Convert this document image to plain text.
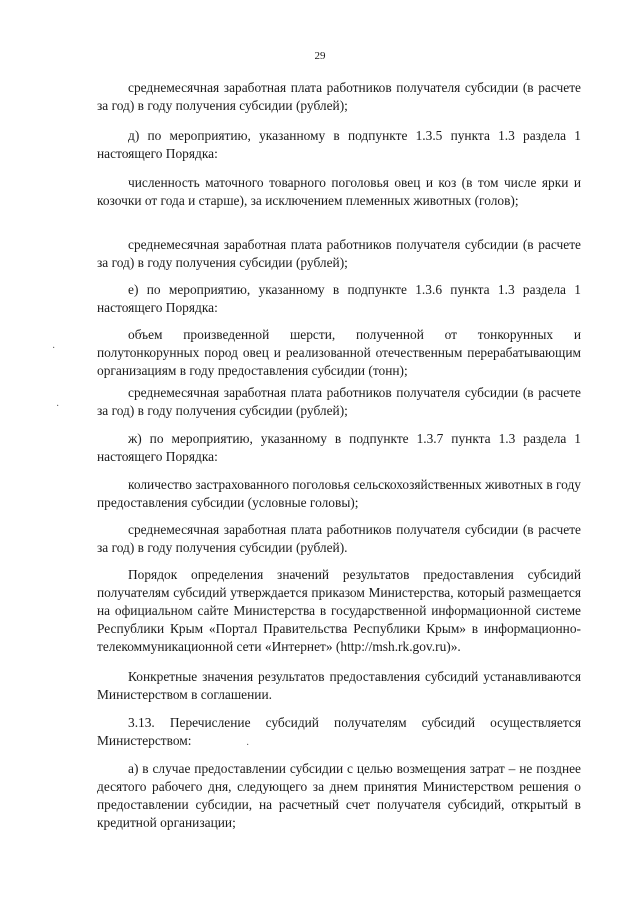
29

среднемесячная заработная плата работников получателя субсидии (в расчете за год) в году получения субсидии (рублей);

д) по мероприятию, указанному в подпункте 1.3.5 пункта 1.3 раздела 1 настоящего Порядка:

численность маточного товарного поголовья овец и коз (в том числе ярки и козочки от года и старше), за исключением племенных животных (голов);

среднемесячная заработная плата работников получателя субсидии (в расчете за год) в году получения субсидии (рублей);

е) по мероприятию, указанному в подпункте 1.3.6 пункта 1.3 раздела 1 настоящего Порядка:

объем произведенной шерсти, полученной от тонкорунных и полутонкорунных пород овец и реализованной отечественным перерабатывающим организациям в году предоставления субсидии (тонн);

среднемесячная заработная плата работников получателя субсидии (в расчете за год) в году получения субсидии (рублей);

ж) по мероприятию, указанному в подпункте 1.3.7 пункта 1.3 раздела 1 настоящего Порядка:

количество застрахованного поголовья сельскохозяйственных животных в году предоставления субсидии (условные головы);

среднемесячная заработная плата работников получателя субсидии (в расчете за год) в году получения субсидии (рублей).

Порядок определения значений результатов предоставления субсидий получателям субсидий утверждается приказом Министерства, который размещается на официальном сайте Министерства в государственной информационной системе Республики Крым «Портал Правительства Республики Крым» в информационно-телекоммуникационной сети «Интернет» (http://msh.rk.gov.ru)».

Конкретные значения результатов предоставления субсидий устанавливаются Министерством в соглашении.

3.13. Перечисление субсидий получателям субсидий осуществляется Министерством:

а) в случае предоставлении субсидии с целью возмещения затрат – не позднее десятого рабочего дня, следующего за днем принятия Министерством решения о предоставлении субсидии, на расчетный счет получателя субсидий, открытый в кредитной организации;

·
·
·
